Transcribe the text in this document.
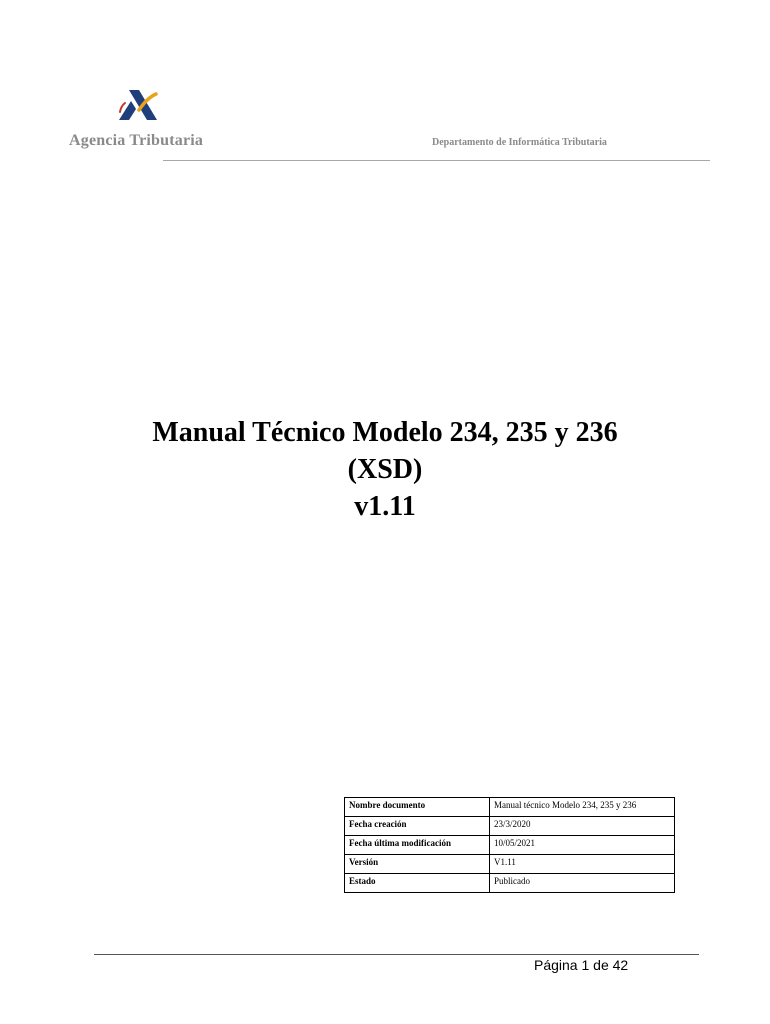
Agencia Tributaria	Departamento de Informática Tributaria
Manual Técnico Modelo 234, 235 y 236
(XSD)
v1.11
Nombre documento	Manual técnico Modelo 234, 235 y 236
Fecha creación	23/3/2020
Fecha última modificación	10/05/2021
Versión	V1.11
Estado	Publicado
Página 1 de 42
